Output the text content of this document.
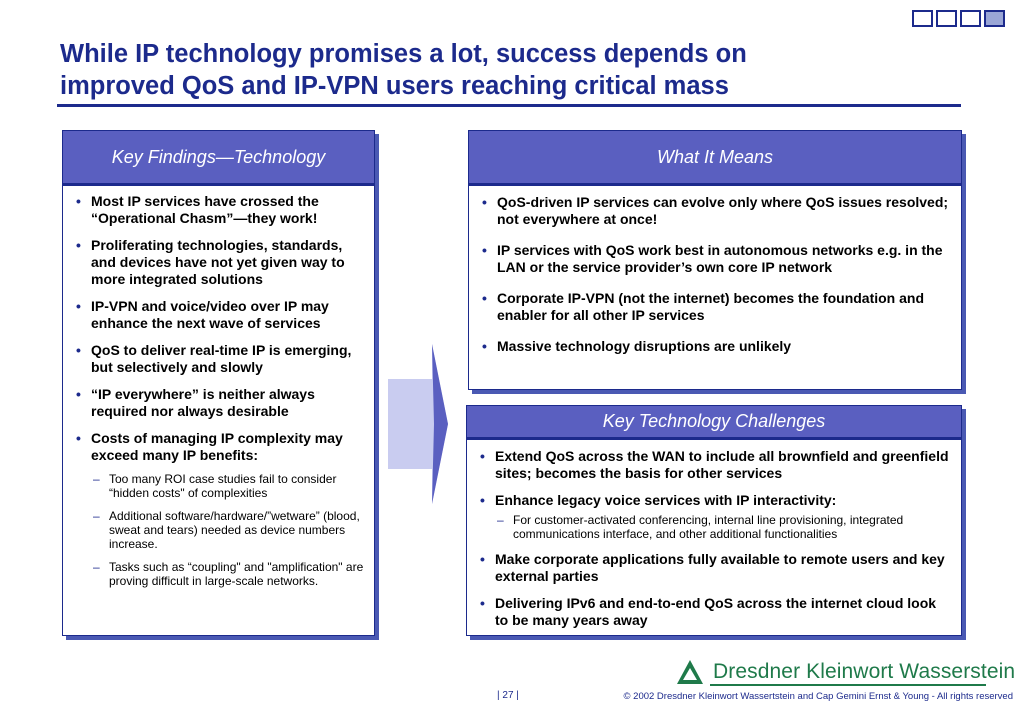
While IP technology promises a lot, success depends on
improved QoS and IP-VPN users reaching critical mass
Key Findings—Technology
• Most IP services have crossed the “Operational Chasm”—they work!
• Proliferating technologies, standards, and devices have not yet given way to more integrated solutions
• IP-VPN and voice/video over IP may enhance the next wave of services
• QoS to deliver real-time IP is emerging, but selectively and slowly
• “IP everywhere” is neither always required nor always desirable
• Costs of managing IP complexity may exceed many IP benefits:
– Too many ROI case studies fail to consider “hidden costs" of complexities
– Additional software/hardware/”wetware” (blood, sweat and tears) needed as device numbers increase.
– Tasks such as “coupling" and "amplification" are proving difficult in large-scale networks.
What It Means
• QoS-driven IP services can evolve only where QoS issues resolved; not everywhere at once!
• IP services with QoS work best in autonomous networks e.g. in the LAN or the service provider’s own core IP network
• Corporate IP-VPN (not the internet) becomes the foundation and enabler for all other IP services
• Massive technology disruptions are unlikely
Key Technology Challenges
• Extend QoS across the WAN to include all brownfield and greenfield sites; becomes the basis for other services
• Enhance legacy voice services with IP interactivity:
– For customer-activated conferencing, internal line provisioning, integrated communications interface, and other additional functionalities
• Make corporate applications fully available to remote users and key external parties
• Delivering IPv6 and end-to-end QoS across the internet cloud look to be many years away
Dresdner Kleinwort Wasserstein
| 27 |	© 2002 Dresdner Kleinwort Wassertstein and Cap Gemini Ernst & Young - All rights reserved
